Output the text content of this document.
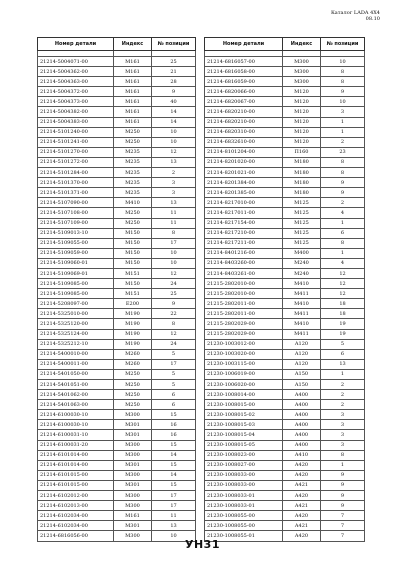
Каталог LADA 4X4
08.10
Номер детали	Индекс	№ позиции

21214-5004071-00	M161	25
21214-5004362-00	M161	21
21214-5004363-00	M161	28
21214-5004372-00	M161	9
21214-5004373-00	M161	40
21214-5004382-00	M161	14
21214-5004383-00	M161	14
21214-5101240-00	M250	10
21214-5101241-00	M250	10
21214-5101270-00	M235	12
21214-5101272-00	M235	13
21214-5101284-00	M235	2
21214-5101370-00	M235	3
21214-5101371-00	M235	3
21214-5107090-00	M410	13
21214-5107108-00	M250	11
21214-5107109-00	M250	11
21214-5109013-10	M150	8
21214-5109055-00	M150	17
21214-5109059-00	M150	10
21214-5109060-01	M150	10
21214-5109069-01	M151	12
21214-5109085-00	M150	24
21214-5109085-00	M151	25
21214-5208097-00	E200	9
21214-5325010-00	M190	22
21214-5325120-00	M190	8
21214-5325124-00	M190	12
21214-5325212-10	M190	24
21214-5400010-00	M260	5
21214-5400011-00	M260	17
21214-5401050-00	M250	5
21214-5401051-00	M250	5
21214-5401062-00	M250	6
21214-5401063-00	M250	6
21214-6100030-10	M300	15
21214-6100030-10	M301	16
21214-6100031-10	M301	16
21214-6100031-20	M300	15
21214-6101014-00	M300	14
21214-6101014-00	M301	15
21214-6101015-00	M300	14
21214-6101015-00	M301	15
21214-6102012-00	M300	17
21214-6102013-00	M300	17
21214-6102034-00	M161	11
21214-6102034-00	M301	13
21214-6816056-00	M300	10
Номер детали	Индекс	№ позиции

21214-6816057-00	M300	10
21214-6816058-00	M300	8
21214-6816059-00	M300	8
21214-6820066-00	M120	9
21214-6820067-00	M120	10
21214-6820210-00	M120	3
21214-6820210-00	M120	1
21214-6820310-00	M120	1
21214-6832610-00	M120	2
21214-8101204-00	П160	23
21214-8201020-00	M180	8
21214-8201021-00	M180	8
21214-8201384-00	M180	9
21214-8201385-00	M180	9
21214-8217010-00	M125	2
21214-8217011-00	M125	4
21214-8217154-00	M125	1
21214-8217210-00	M125	6
21214-8217211-00	M125	8
21214-8401216-00	M400	1
21214-8403260-00	M240	4
21214-8403261-00	M240	12
21215-2802010-00	M410	12
21215-2802010-00	M411	12
21215-2802011-00	M410	18
21215-2802011-00	M411	18
21215-2802029-00	M410	19
21215-2802029-00	M411	19
21230-1003012-00	A120	5
21230-1003020-00	A120	6
21230-1003115-00	A120	13
21230-1006019-00	A150	1
21230-1006020-00	A150	2
21230-1008014-00	A400	2
21230-1008015-00	A400	2
21230-1008015-02	A400	3
21230-1008015-03	A400	3
21230-1008015-04	A400	3
21230-1008015-05	A400	3
21230-1008023-00	A410	8
21230-1008027-00	A420	1
21230-1008033-00	A420	9
21230-1008033-00	A421	9
21230-1008033-01	A420	9
21230-1008033-01	A421	9
21230-1008055-00	A420	7
21230-1008055-00	A421	7
21230-1008055-01	A420	7
УН31
